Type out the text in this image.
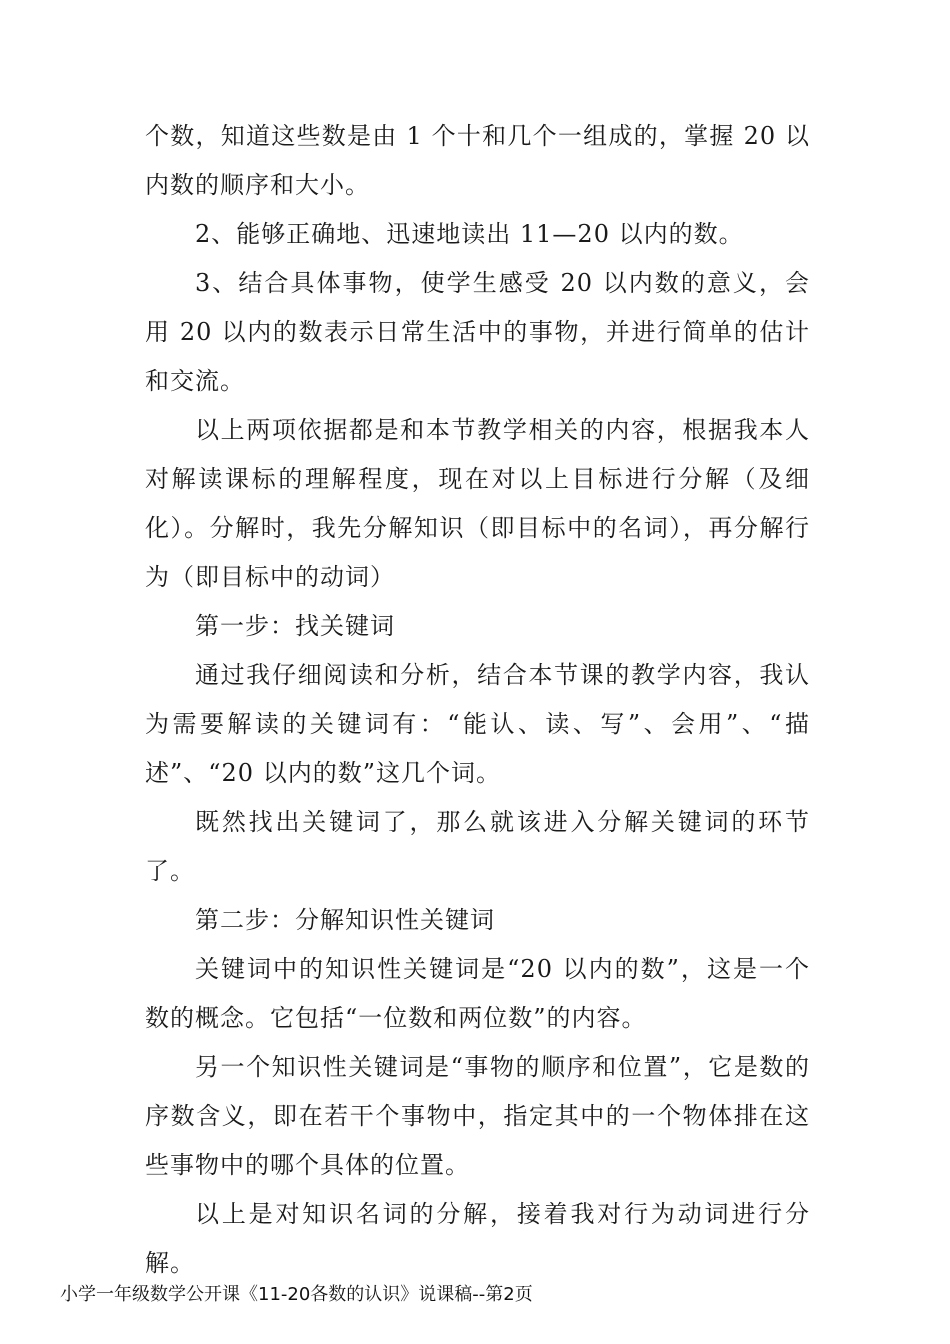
个数，知道这些数是由 1 个十和几个一组成的，掌握 20 以内数的顺序和大小。

2、能够正确地、迅速地读出 11—20 以内的数。

3、结合具体事物，使学生感受 20 以内数的意义，会用 20 以内的数表示日常生活中的事物，并进行简单的估计和交流。

以上两项依据都是和本节教学相关的内容，根据我本人对解读课标的理解程度，现在对以上目标进行分解（及细化）。分解时，我先分解知识（即目标中的名词），再分解行为（即目标中的动词）

第一步：找关键词

通过我仔细阅读和分析，结合本节课的教学内容，我认为需要解读的关键词有：“能认、读、写”、会用”、“描述”、“20 以内的数”这几个词。

既然找出关键词了，那么就该进入分解关键词的环节了。

第二步：分解知识性关键词

关键词中的知识性关键词是“20 以内的数”，这是一个数的概念。它包括“一位数和两位数”的内容。

另一个知识性关键词是“事物的顺序和位置”，它是数的序数含义，即在若干个事物中，指定其中的一个物体排在这些事物中的哪个具体的位置。

以上是对知识名词的分解，接着我对行为动词进行分解。

小学一年级数学公开课《11-20各数的认识》说课稿--第2页
